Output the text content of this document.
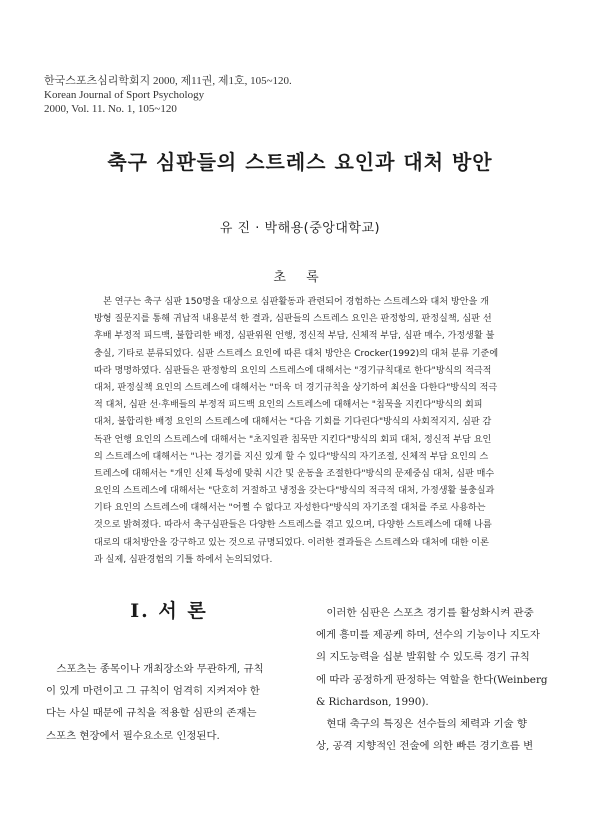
한국스포츠심리학회지 2000, 제11권, 제1호, 105~120.
Korean Journal of Sport Psychology
2000, Vol. 11. No. 1, 105~120
축구 심판들의 스트레스 요인과 대처 방안
유 진 · 박해용(중앙대학교)
초 록
본 연구는 축구 심판 150명을 대상으로 심판활동과 관련되어 경험하는 스트레스와 대처 방안을 개
방형 질문지를 통해 귀납적 내용분석 한 결과, 심판들의 스트레스 요인은 판정항의, 판정실책, 심판 선
후배 부정적 피드백, 불합리한 배정, 심판위원 언행, 정신적 부담, 신체적 부담, 심판 매수, 가정생활 불
충실, 기타로 분류되었다. 심판 스트레스 요인에 따른 대처 방안은 Crocker(1992)의 대처 분류 기준에
따라 명명하였다. 심판들은 판정항의 요인의 스트레스에 대해서는 "경기규칙대로 한다"방식의 적극적
대처, 판정실책 요인의 스트레스에 대해서는 "더욱 더 경기규칙을 상기하여 최선을 다한다"방식의 적극
적 대처, 심판 선·후배들의 부정적 피드백 요인의 스트레스에 대해서는 "침묵을 지킨다"방식의 회피
대처, 불합리한 배정 요인의 스트레스에 대해서는 "다음 기회를 기다린다"방식의 사회적지지, 심판 감
독관 언행 요인의 스트레스에 대해서는 "초지일관 침묵만 지킨다"방식의 회피 대처, 정신적 부담 요인
의 스트레스에 대해서는 "나는 경기를 지신 있게 할 수 있다"방식의 자기조절, 신체적 부담 요인의 스
트레스에 대해서는 "개인 신체 특성에 맞춰 시간 및 운동을 조절한다"방식의 문제중심 대처, 심판 매수
요인의 스트레스에 대해서는 "단호히 거절하고 냉정을 갖는다"방식의 적극적 대처, 가정생활 불충실과
기타 요인의 스트레스에 대해서는 "어쩔 수 없다고 자성한다"방식의 자기조절 대처를 주로 사용하는
것으로 밝혀졌다. 따라서 축구심판들은 다양한 스트레스를 겪고 있으며, 다양한 스트레스에 대해 나름
대로의 대처방안을 강구하고 있는 것으로 규명되었다. 이러한 결과들은 스트레스와 대처에 대한 이론
과 실제, 심판경험의 기틀 하에서 논의되었다.
Ⅰ. 서 론
스포츠는 종목이나 개최장소와 무관하게, 규칙
이 있게 마련이고 그 규칙이 엄격히 지켜져야 한
다는 사실 때문에 규칙을 적용할 심판의 존재는
스포츠 현장에서 필수요소로 인정된다.
이러한 심판은 스포츠 경기를 활성화시켜 관중
에게 흥미를 제공케 하며, 선수의 기능이나 지도자
의 지도능력을 십분 발휘할 수 있도록 경기 규칙
에 따라 공정하게 판정하는 역할을 한다(Weinberg
& Richardson, 1990).
현대 축구의 특징은 선수들의 체력과 기술 향
상, 공격 지향적인 전술에 의한 빠른 경기흐름 변
